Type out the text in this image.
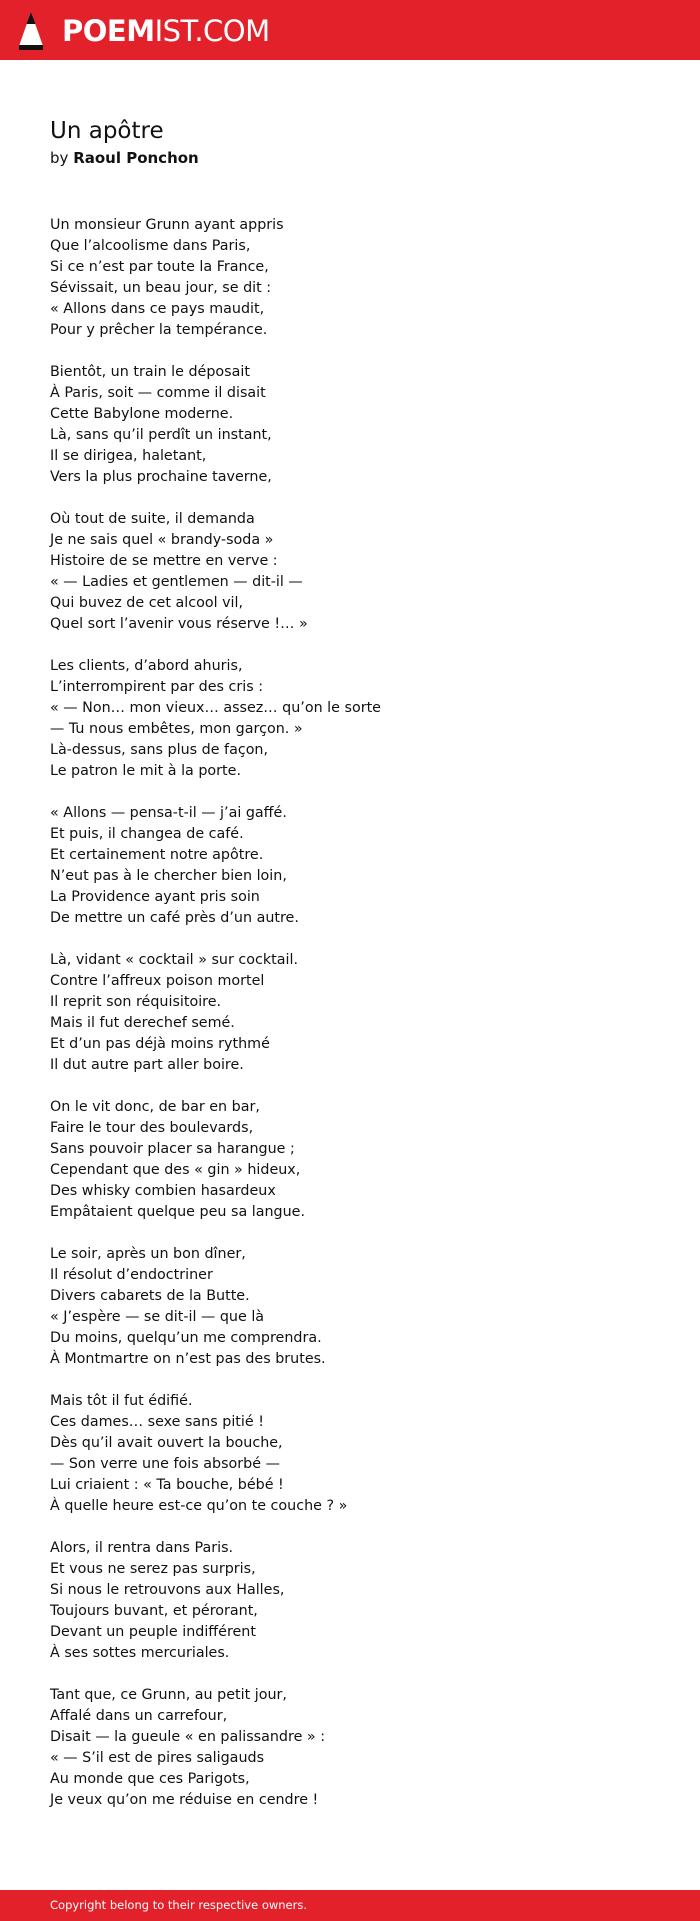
POEMIST.COM
Un apôtre
by Raoul Ponchon
Un monsieur Grunn ayant appris
Que l’alcoolisme dans Paris,
Si ce n’est par toute la France,
Sévissait, un beau jour, se dit :
« Allons dans ce pays maudit,
Pour y prêcher la tempérance.
Bientôt, un train le déposait
À Paris, soit — comme il disait
Cette Babylone moderne.
Là, sans qu’il perdît un instant,
Il se dirigea, haletant,
Vers la plus prochaine taverne,
Où tout de suite, il demanda
Je ne sais quel « brandy-soda »
Histoire de se mettre en verve :
« — Ladies et gentlemen — dit-il —
Qui buvez de cet alcool vil,
Quel sort l’avenir vous réserve !… »
Les clients, d’abord ahuris,
L’interrompirent par des cris :
« — Non… mon vieux… assez… qu’on le sorte
— Tu nous embêtes, mon garçon. »
Là-dessus, sans plus de façon,
Le patron le mit à la porte.
« Allons — pensa-t-il — j’ai gaffé.
Et puis, il changea de café.
Et certainement notre apôtre.
N’eut pas à le chercher bien loin,
La Providence ayant pris soin
De mettre un café près d’un autre.
Là, vidant « cocktail » sur cocktail.
Contre l’affreux poison mortel
Il reprit son réquisitoire.
Mais il fut derechef semé.
Et d’un pas déjà moins rythmé
Il dut autre part aller boire.
On le vit donc, de bar en bar,
Faire le tour des boulevards,
Sans pouvoir placer sa harangue ;
Cependant que des « gin » hideux,
Des whisky combien hasardeux
Empâtaient quelque peu sa langue.
Le soir, après un bon dîner,
Il résolut d’endoctriner
Divers cabarets de la Butte.
« J’espère — se dit-il — que là
Du moins, quelqu’un me comprendra.
À Montmartre on n’est pas des brutes.
Mais tôt il fut édifié.
Ces dames… sexe sans pitié !
Dès qu’il avait ouvert la bouche,
— Son verre une fois absorbé —
Lui criaient : « Ta bouche, bébé !
À quelle heure est-ce qu’on te couche ? »
Alors, il rentra dans Paris.
Et vous ne serez pas surpris,
Si nous le retrouvons aux Halles,
Toujours buvant, et pérorant,
Devant un peuple indifférent
À ses sottes mercuriales.
Tant que, ce Grunn, au petit jour,
Affalé dans un carrefour,
Disait — la gueule « en palissandre » :
« — S’il est de pires saligauds
Au monde que ces Parigots,
Je veux qu’on me réduise en cendre !
Copyright belong to their respective owners.
